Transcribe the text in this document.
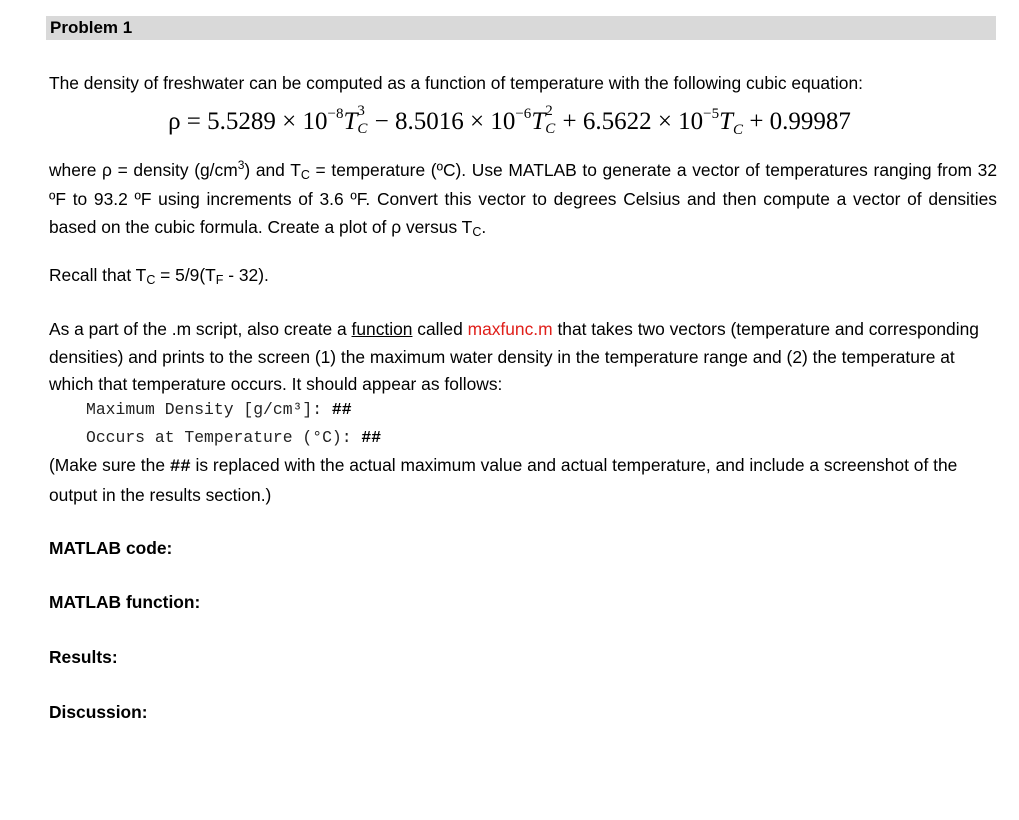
Problem 1
The density of freshwater can be computed as a function of temperature with the following cubic equation:
$\rho = 5.5289 \times 10^{-8}T$ 3
$C - 8.5016 \times 10^{-6}T$ 2
$C + 6.5622 \times 10^{-5}T_C + 0.99987$
where ρ = density $(g/cm^3)$ and TC = temperature (ºC). Use MATLAB to generate a vector of temperatures ranging from 32 ºF to 93.2 ºF using increments of 3.6 ºF. Convert this vector to degrees Celsius and then compute a vector of densities based on the cubic formula. Create a plot of ρ versus TC.
Recall that TC = 5/9(TF - 32).
As a part of the .m script, also create a function called maxfunc.m that takes two vectors (temperature and corresponding densities) and prints to the screen (1) the maximum water density in the temperature range and (2) the temperature at which that temperature occurs. It should appear as follows:
Maximum Density [g/cm³]: ##
Occurs at Temperature (°C): ##
(Make sure the ## is replaced with the actual maximum value and actual temperature, and include a screenshot of the output in the results section.)
MATLAB code:
MATLAB function:
Results:
Discussion:
